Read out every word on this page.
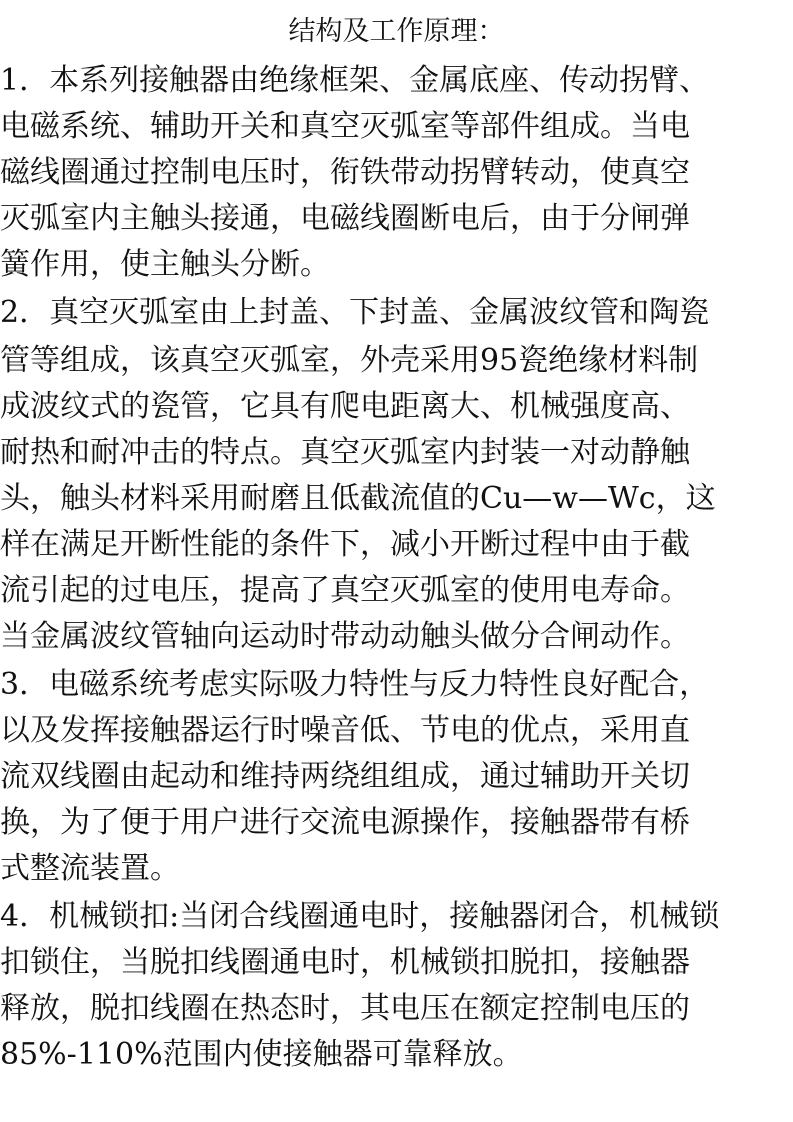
结构及工作原理：
1．本系列接触器由绝缘框架、金属底座、传动拐臂、
电磁系统、辅助开关和真空灭弧室等部件组成。当电
磁线圈通过控制电压时，衔铁带动拐臂转动，使真空
灭弧室内主触头接通，电磁线圈断电后，由于分闸弹
簧作用，使主触头分断。
2．真空灭弧室由上封盖、下封盖、金属波纹管和陶瓷
管等组成，该真空灭弧室，外壳采用95瓷绝缘材料制
成波纹式的瓷管，它具有爬电距离大、机械强度高、
耐热和耐冲击的特点。真空灭弧室内封装一对动静触
头，触头材料采用耐磨且低截流值的Cu—w—Wc，这
样在满足开断性能的条件下，减小开断过程中由于截
流引起的过电压，提高了真空灭弧室的使用电寿命。
当金属波纹管轴向运动时带动动触头做分合闸动作。
3．电磁系统考虑实际吸力特性与反力特性良好配合，
以及发挥接触器运行时噪音低、节电的优点，采用直
流双线圈由起动和维持两绕组组成，通过辅助开关切
换，为了便于用户进行交流电源操作，接触器带有桥
式整流装置。
4．机械锁扣:当闭合线圈通电时，接触器闭合，机械锁
扣锁住，当脱扣线圈通电时，机械锁扣脱扣，接触器
释放，脱扣线圈在热态时，其电压在额定控制电压的
85%-110%范围内使接触器可靠释放。
